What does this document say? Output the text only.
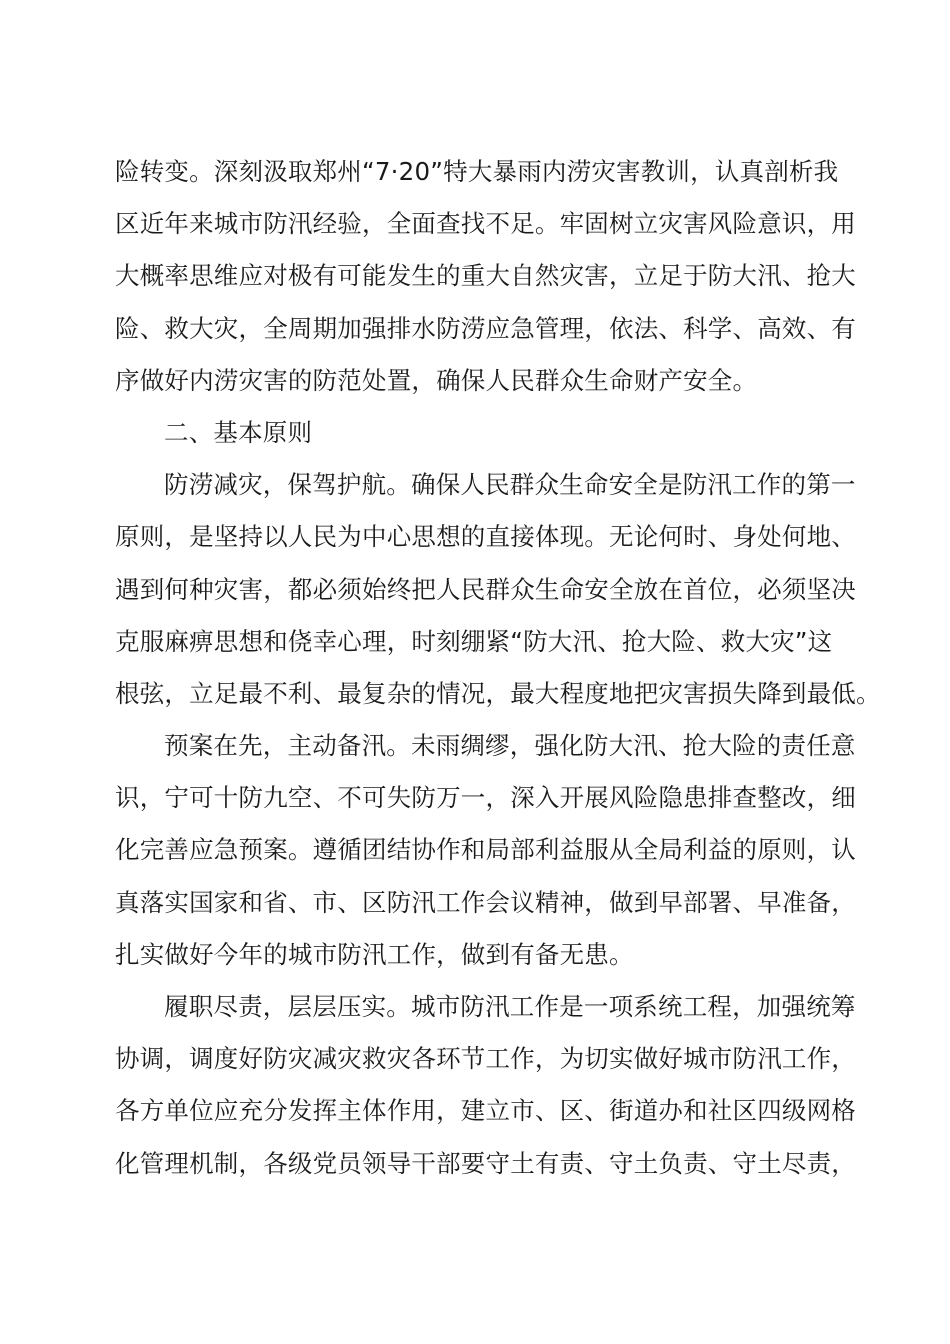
险转变。深刻汲取郑州“7·20”特大暴雨内涝灾害教训，认真剖析我
区近年来城市防汛经验，全面查找不足。牢固树立灾害风险意识，用
大概率思维应对极有可能发生的重大自然灾害，立足于防大汛、抢大
险、救大灾，全周期加强排水防涝应急管理，依法、科学、高效、有
序做好内涝灾害的防范处置，确保人民群众生命财产安全。
二、基本原则
防涝减灾，保驾护航。确保人民群众生命安全是防汛工作的第一
原则，是坚持以人民为中心思想的直接体现。无论何时、身处何地、
遇到何种灾害，都必须始终把人民群众生命安全放在首位，必须坚决
克服麻痹思想和侥幸心理，时刻绷紧“防大汛、抢大险、救大灾”这
根弦，立足最不利、最复杂的情况，最大程度地把灾害损失降到最低。
预案在先，主动备汛。未雨绸缪，强化防大汛、抢大险的责任意
识，宁可十防九空、不可失防万一，深入开展风险隐患排查整改，细
化完善应急预案。遵循团结协作和局部利益服从全局利益的原则，认
真落实国家和省、市、区防汛工作会议精神，做到早部署、早准备，
扎实做好今年的城市防汛工作，做到有备无患。
履职尽责，层层压实。城市防汛工作是一项系统工程，加强统筹
协调，调度好防灾减灾救灾各环节工作，为切实做好城市防汛工作，
各方单位应充分发挥主体作用，建立市、区、街道办和社区四级网格
化管理机制，各级党员领导干部要守土有责、守土负责、守土尽责，
